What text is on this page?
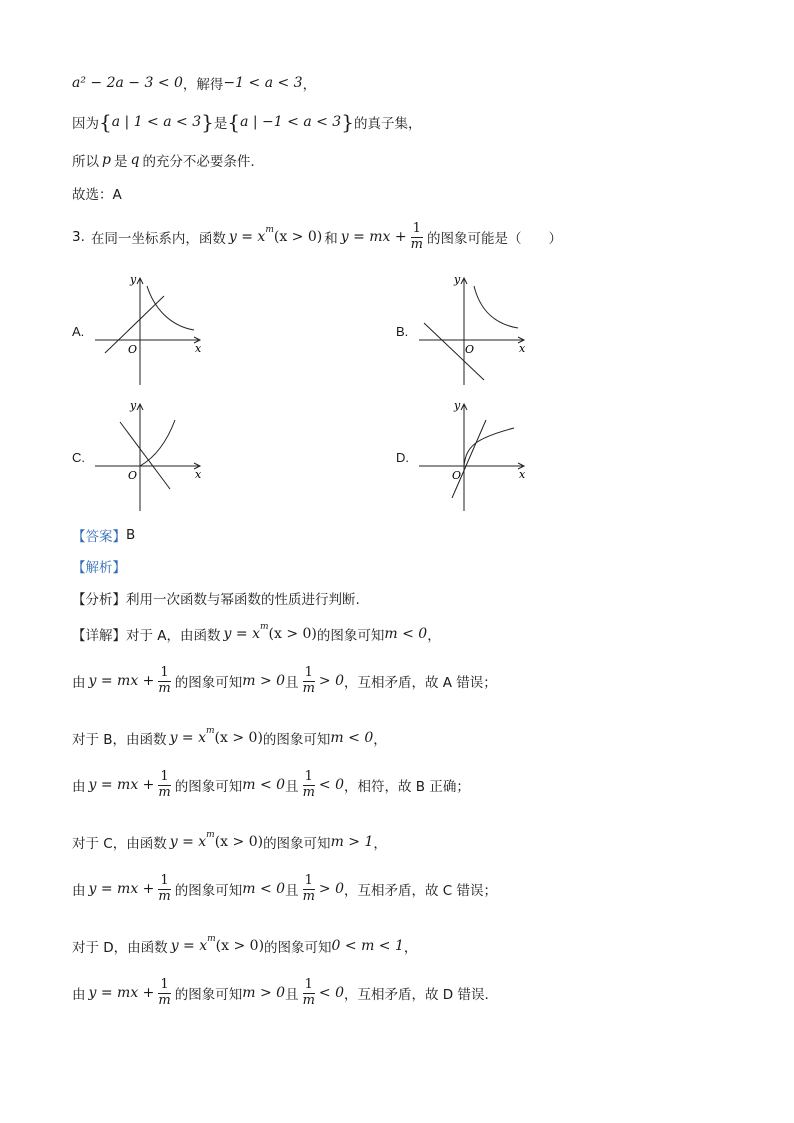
a² − 2a − 3 < 0 ，解得 −1 < a < 3 ，
因为 { a | 1 < a < 3 } 是 { a | −1 < a < 3 } 的真子集，
所以 p 是 q 的充分不必要条件.
故选：A
3. 在同一坐标系内，函数 y = x m (x > 0) 和 y = mx + $\frac{1}{m}$ 的图象可能是（　　）
A.	B.
C.	D.
y
x
O
y
x
O
y
x
O
y
x
O
【答案】 B
【解析】
【分析】 利用一次函数与幂函数的性质进行判断.
【详解】 对于 A，由函数 y = x m (x > 0) 的图象可知 m < 0 ，
由 y = mx + $\frac{1}{m}$ 的图象可知 m > 0 且 $\frac{1}{m} > 0$ ，互相矛盾，故 A 错误；
对于 B，由函数 y = x m (x > 0) 的图象可知 m < 0 ，
由 y = mx + $\frac{1}{m}$ 的图象可知 m < 0 且 $\frac{1}{m} < 0$ ，相符，故 B 正确；
对于 C，由函数 y = x m (x > 0) 的图象可知 m > 1 ，
由 y = mx + $\frac{1}{m}$ 的图象可知 m < 0 且 $\frac{1}{m} > 0$ ，互相矛盾，故 C 错误；
对于 D，由函数 y = x m (x > 0) 的图象可知 0 < m < 1 ，
由 y = mx + $\frac{1}{m}$ 的图象可知 m > 0 且 $\frac{1}{m} < 0$ ，互相矛盾，故 D 错误.
